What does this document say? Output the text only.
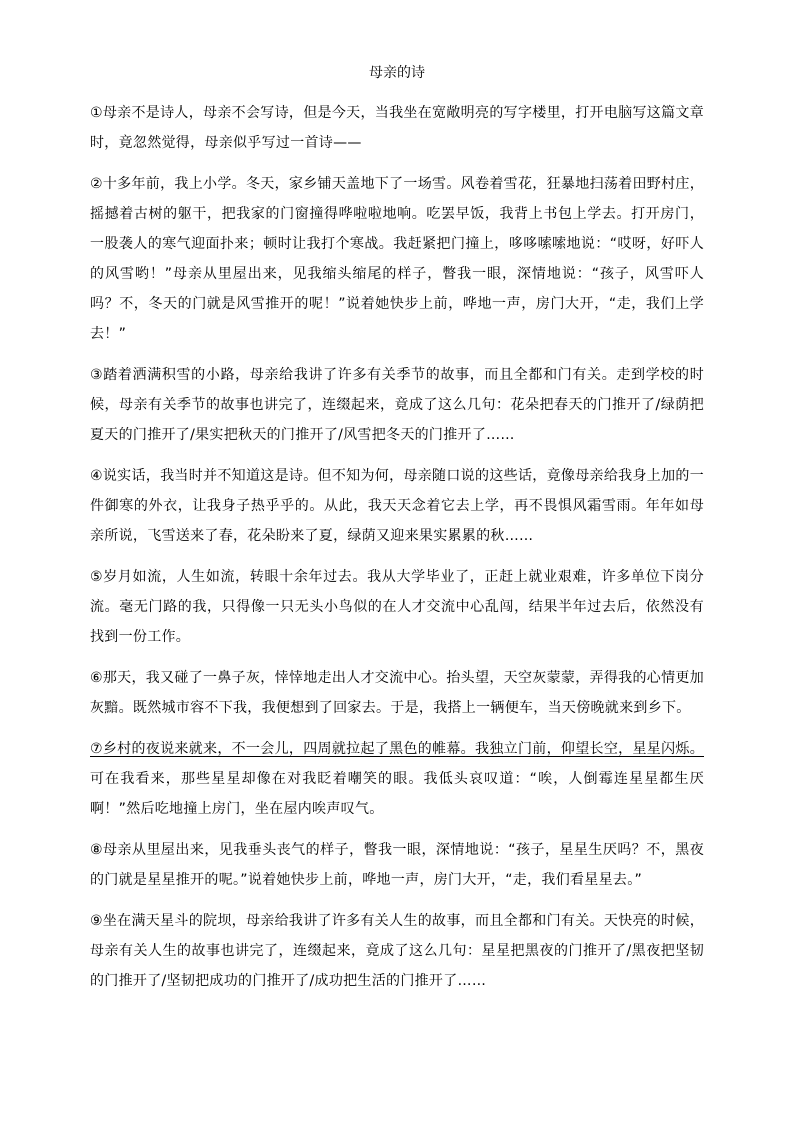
母亲的诗

①母亲不是诗人，母亲不会写诗，但是今天，当我坐在宽敞明亮的写字楼里，打开电脑写这篇文章时，竟忽然觉得，母亲似乎写过一首诗——

②十多年前，我上小学。冬天，家乡铺天盖地下了一场雪。风卷着雪花，狂暴地扫荡着田野村庄，摇撼着古树的躯干，把我家的门窗撞得哗啦啦地响。吃罢早饭，我背上书包上学去。打开房门，一股袭人的寒气迎面扑来；顿时让我打个寒战。我赶紧把门撞上，哆哆嗦嗦地说：“哎呀，好吓人的风雪哟！”母亲从里屋出来，见我缩头缩尾的样子，瞥我一眼，深情地说：“孩子，风雪吓人吗？不，冬天的门就是风雪推开的呢！”说着她快步上前，哗地一声，房门大开，“走，我们上学去！”

③踏着洒满积雪的小路，母亲给我讲了许多有关季节的故事，而且全都和门有关。走到学校的时候，母亲有关季节的故事也讲完了，连缀起来，竟成了这么几句：花朵把春天的门推开了/绿荫把夏天的门推开了/果实把秋天的门推开了/风雪把冬天的门推开了……

④说实话，我当时并不知道这是诗。但不知为何，母亲随口说的这些话，竟像母亲给我身上加的一件御寒的外衣，让我身子热乎乎的。从此，我天天念着它去上学，再不畏惧风霜雪雨。年年如母亲所说，飞雪送来了春，花朵盼来了夏，绿荫又迎来果实累累的秋……

⑤岁月如流，人生如流，转眼十余年过去。我从大学毕业了，正赶上就业艰难，许多单位下岗分流。毫无门路的我，只得像一只无头小鸟似的在人才交流中心乱闯，结果半年过去后，依然没有找到一份工作。

⑥那天，我又碰了一鼻子灰，悻悻地走出人才交流中心。抬头望，天空灰蒙蒙，弄得我的心情更加灰黯。既然城市容不下我，我便想到了回家去。于是，我搭上一辆便车，当天傍晚就来到乡下。

⑦乡村的夜说来就来，不一会儿，四周就拉起了黑色的帷幕。我独立门前，仰望长空，星星闪烁。可在我看来，那些星星却像在对我眨着嘲笑的眼。我低头哀叹道：“唉，人倒霉连星星都生厌啊！”然后吃地撞上房门，坐在屋内唉声叹气。

⑧母亲从里屋出来，见我垂头丧气的样子，瞥我一眼，深情地说：“孩子，星星生厌吗？不，黑夜的门就是星星推开的呢。”说着她快步上前，哗地一声，房门大开，“走，我们看星星去。”

⑨坐在满天星斗的院坝，母亲给我讲了许多有关人生的故事，而且全都和门有关。天快亮的时候，母亲有关人生的故事也讲完了，连缀起来，竟成了这么几句：星星把黑夜的门推开了/黑夜把坚韧的门推开了/坚韧把成功的门推开了/成功把生活的门推开了……
